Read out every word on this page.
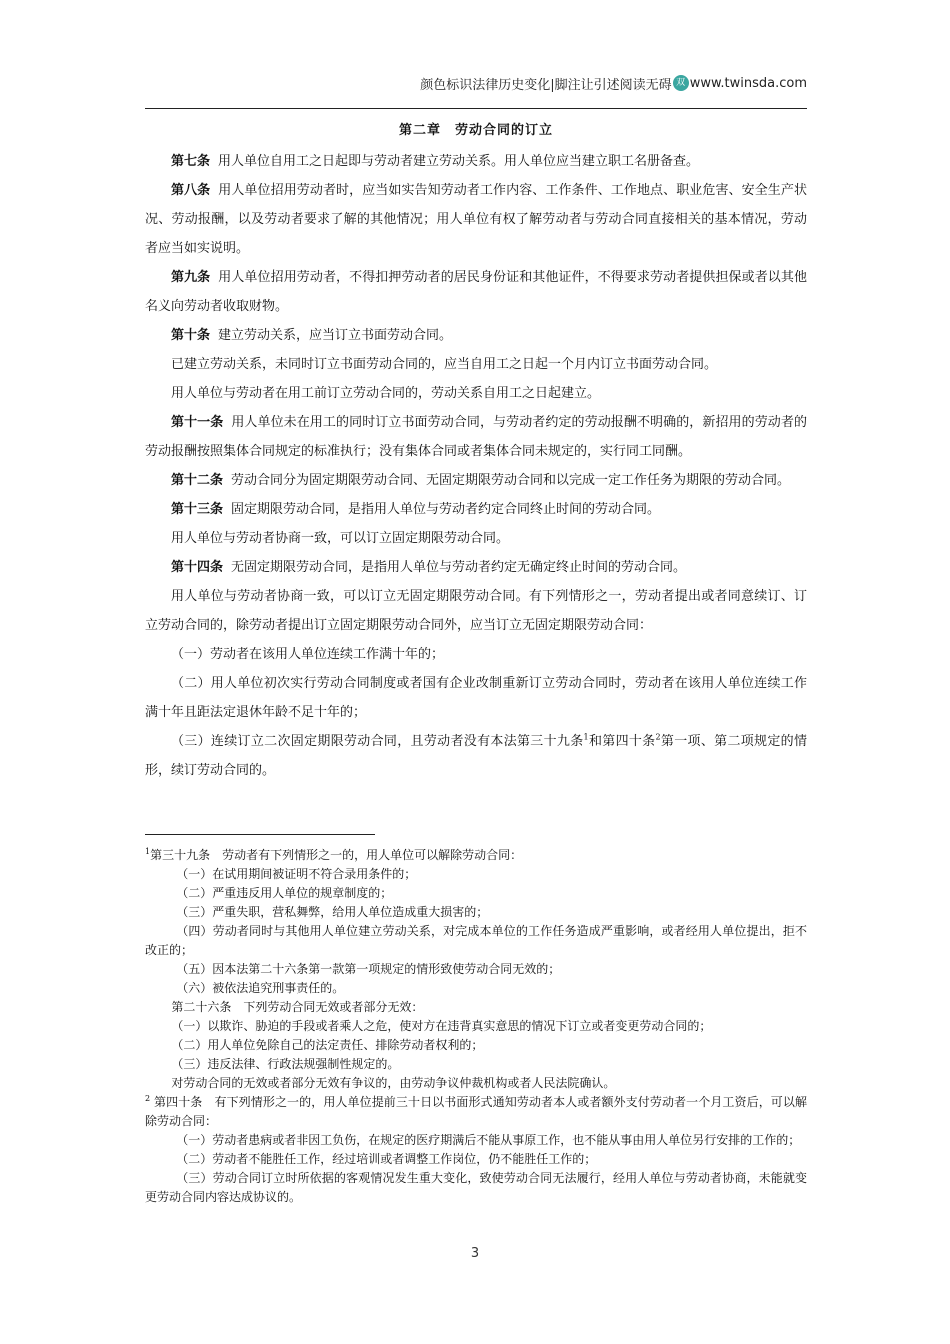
颜色标识法律历史变化|脚注让引述阅读无碍 双 www.twinsda.com
第二章　劳动合同的订立

第七条 用人单位自用工之日起即与劳动者建立劳动关系。用人单位应当建立职工名册备查。

第八条 用人单位招用劳动者时，应当如实告知劳动者工作内容、工作条件、工作地点、职业危害、安全生产状况、劳动报酬，以及劳动者要求了解的其他情况；用人单位有权了解劳动者与劳动合同直接相关的基本情况，劳动者应当如实说明。

第九条 用人单位招用劳动者，不得扣押劳动者的居民身份证和其他证件，不得要求劳动者提供担保或者以其他名义向劳动者收取财物。

第十条 建立劳动关系，应当订立书面劳动合同。

已建立劳动关系，未同时订立书面劳动合同的，应当自用工之日起一个月内订立书面劳动合同。

用人单位与劳动者在用工前订立劳动合同的，劳动关系自用工之日起建立。

第十一条 用人单位未在用工的同时订立书面劳动合同，与劳动者约定的劳动报酬不明确的，新招用的劳动者的劳动报酬按照集体合同规定的标准执行；没有集体合同或者集体合同未规定的，实行同工同酬。

第十二条 劳动合同分为固定期限劳动合同、无固定期限劳动合同和以完成一定工作任务为期限的劳动合同。

第十三条 固定期限劳动合同，是指用人单位与劳动者约定合同终止时间的劳动合同。

用人单位与劳动者协商一致，可以订立固定期限劳动合同。

第十四条 无固定期限劳动合同，是指用人单位与劳动者约定无确定终止时间的劳动合同。

用人单位与劳动者协商一致，可以订立无固定期限劳动合同。有下列情形之一，劳动者提出或者同意续订、订立劳动合同的，除劳动者提出订立固定期限劳动合同外，应当订立无固定期限劳动合同：

（一）劳动者在该用人单位连续工作满十年的；

（二）用人单位初次实行劳动合同制度或者国有企业改制重新订立劳动合同时，劳动者在该用人单位连续工作满十年且距法定退休年龄不足十年的；

（三）连续订立二次固定期限劳动合同，且劳动者没有本法第三十九条$^1$和第四十条$^2$第一项、第二项规定的情形，续订劳动合同的。

$^1$第三十九条　劳动者有下列情形之一的，用人单位可以解除劳动合同：

（一）在试用期间被证明不符合录用条件的；

（二）严重违反用人单位的规章制度的；

（三）严重失职，营私舞弊，给用人单位造成重大损害的；

（四）劳动者同时与其他用人单位建立劳动关系，对完成本单位的工作任务造成严重影响，或者经用人单位提出，拒不改正的；

（五）因本法第二十六条第一款第一项规定的情形致使劳动合同无效的；

（六）被依法追究刑事责任的。

第二十六条　下列劳动合同无效或者部分无效：

（一）以欺诈、胁迫的手段或者乘人之危，使对方在违背真实意思的情况下订立或者变更劳动合同的；

（二）用人单位免除自己的法定责任、排除劳动者权利的；

（三）违反法律、行政法规强制性规定的。

对劳动合同的无效或者部分无效有争议的，由劳动争议仲裁机构或者人民法院确认。

$^2$ 第四十条　有下列情形之一的，用人单位提前三十日以书面形式通知劳动者本人或者额外支付劳动者一个月工资后，可以解除劳动合同：

（一）劳动者患病或者非因工负伤，在规定的医疗期满后不能从事原工作，也不能从事由用人单位另行安排的工作的；

（二）劳动者不能胜任工作，经过培训或者调整工作岗位，仍不能胜任工作的；

（三）劳动合同订立时所依据的客观情况发生重大变化，致使劳动合同无法履行，经用人单位与劳动者协商，未能就变更劳动合同内容达成协议的。

3
